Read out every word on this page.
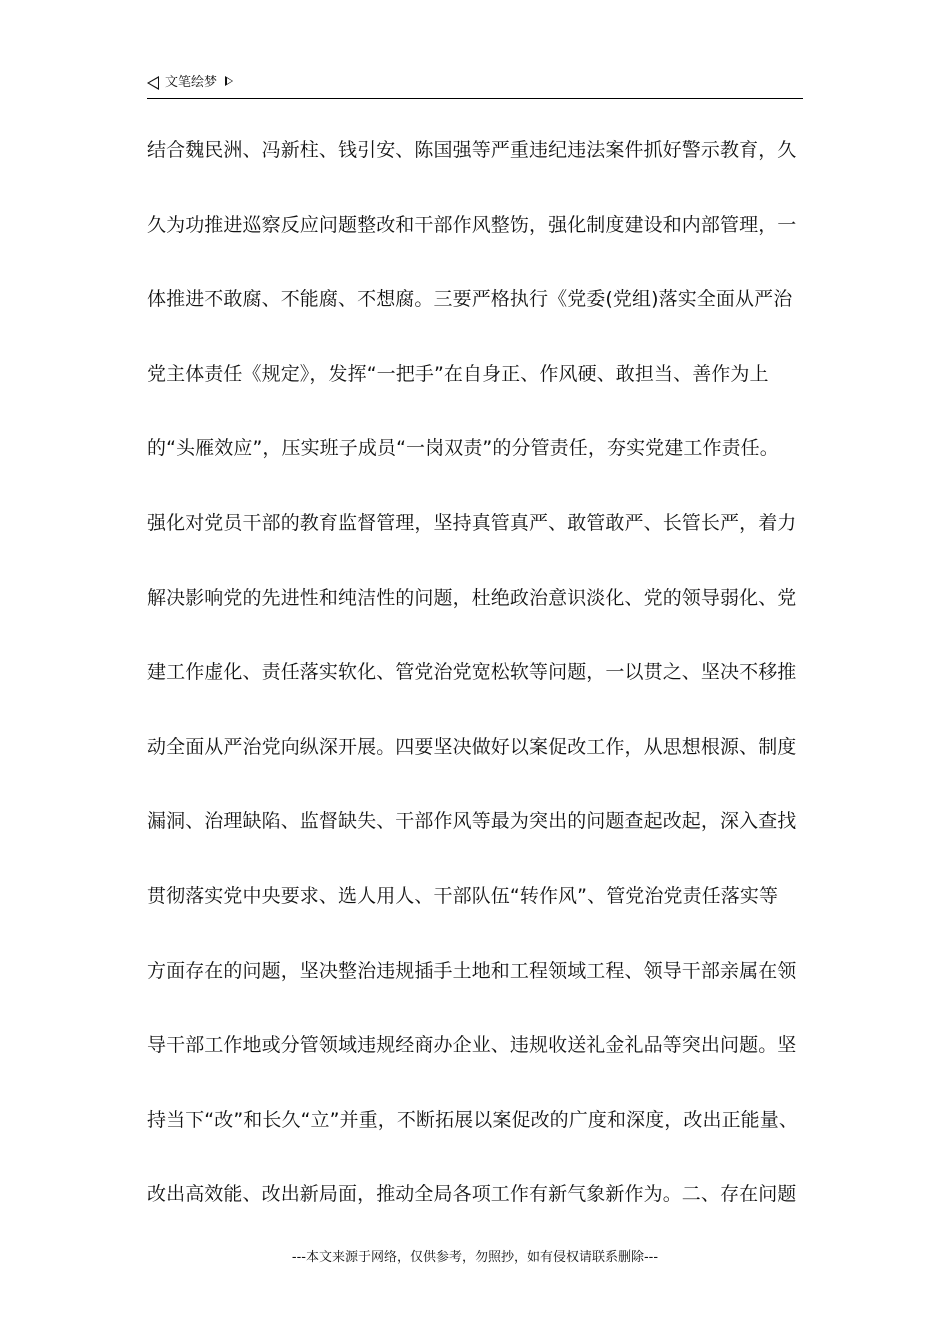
文笔绘梦
结合魏民洲、冯新柱、钱引安、陈国强等严重违纪违法案件抓好警示教育，久
久为功推进巡察反应问题整改和干部作风整饬，强化制度建设和内部管理，一
体推进不敢腐、不能腐、不想腐。三要严格执行《党委(党组)落实全面从严治
党主体责任《规定》，发挥“一把手”在自身正、作风硬、敢担当、善作为上
的“头雁效应”，压实班子成员“一岗双责”的分管责任，夯实党建工作责任。
强化对党员干部的教育监督管理，坚持真管真严、敢管敢严、长管长严，着力
解决影响党的先进性和纯洁性的问题，杜绝政治意识淡化、党的领导弱化、党
建工作虚化、责任落实软化、管党治党宽松软等问题，一以贯之、坚决不移推
动全面从严治党向纵深开展。四要坚决做好以案促改工作，从思想根源、制度
漏洞、治理缺陷、监督缺失、干部作风等最为突出的问题查起改起，深入查找
贯彻落实党中央要求、选人用人、干部队伍“转作风”、管党治党责任落实等
方面存在的问题，坚决整治违规插手土地和工程领域工程、领导干部亲属在领
导干部工作地或分管领域违规经商办企业、违规收送礼金礼品等突出问题。坚
持当下“改”和长久“立”并重，不断拓展以案促改的广度和深度，改出正能量、
改出高效能、改出新局面，推动全局各项工作有新气象新作为。二、存在问题
---本文来源于网络，仅供参考，勿照抄，如有侵权请联系删除---
